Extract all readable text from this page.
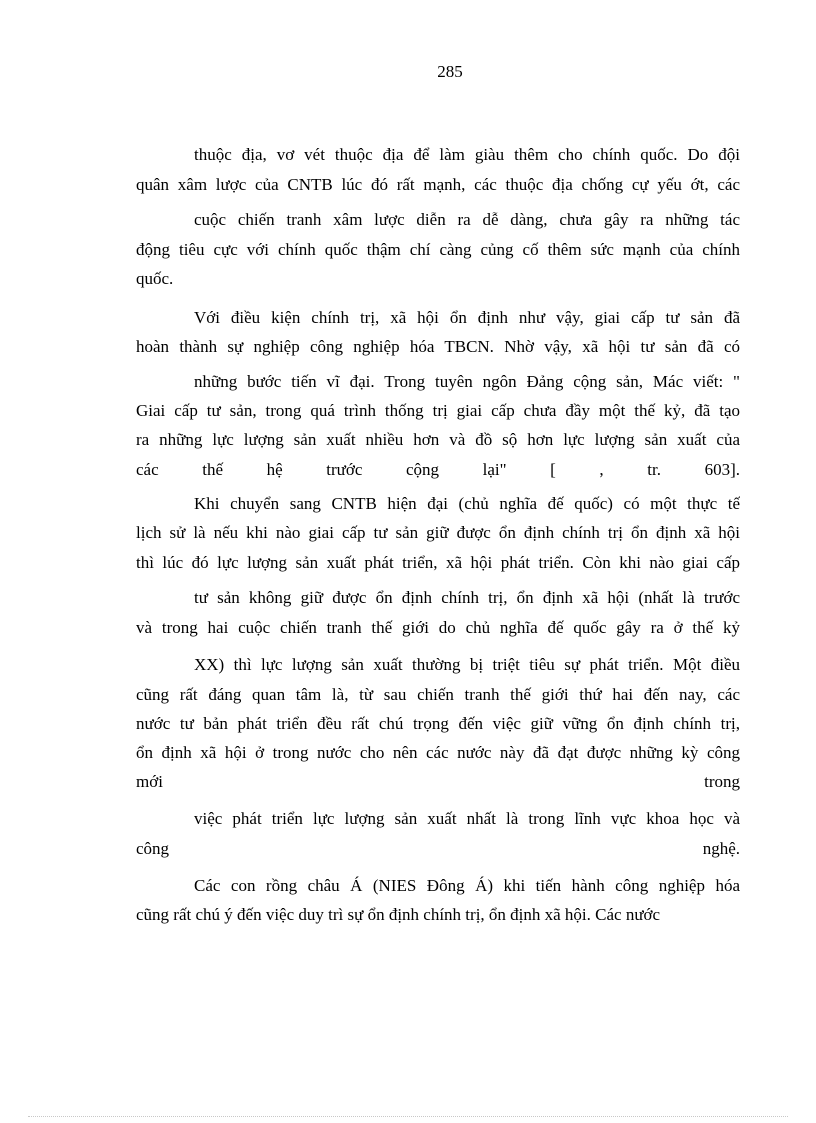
285
thuộc địa, vơ vét thuộc địa để làm giàu thêm cho chính quốc. Do đội
quân xâm lược của CNTB lúc đó rất mạnh, các thuộc địa chống cự yếu ớt, các
cuộc chiến tranh xâm lược diễn ra dễ dàng, chưa gây ra những tác
động tiêu cực với chính quốc thậm chí càng củng cố thêm sức mạnh của chính
quốc.
Với điều kiện chính trị, xã hội ổn định như vậy, giai cấp tư sản đã
hoàn thành sự nghiệp công nghiệp hóa TBCN. Nhờ vậy, xã hội tư sản đã có
những bước tiến vĩ đại. Trong tuyên ngôn Đảng cộng sản, Mác viết: "
Giai cấp tư sản, trong quá trình thống trị giai cấp chưa đầy một thế kỷ, đã tạo
ra những lực lượng sản xuất nhiều hơn và đồ sộ hơn lực lượng sản xuất của
các thế hệ trước cộng lại" [ , tr. 603].
Khi chuyển sang CNTB hiện đại (chủ nghĩa đế quốc) có một thực tế
lịch sử là nếu khi nào giai cấp tư sản giữ được ổn định chính trị ổn định xã hội
thì lúc đó lực lượng sản xuất phát triển, xã hội phát triển. Còn khi nào giai cấp
tư sản không giữ được ổn định chính trị, ổn định xã hội (nhất là trước
và trong hai cuộc chiến tranh thế giới do chủ nghĩa đế quốc gây ra ở thế kỷ
XX) thì lực lượng sản xuất thường bị triệt tiêu sự phát triển. Một điều
cũng rất đáng quan tâm là, từ sau chiến tranh thế giới thứ hai đến nay, các
nước tư bản phát triển đều rất chú trọng đến việc giữ vững ổn định chính trị,
ổn định xã hội ở trong nước cho nên các nước này đã đạt được những kỳ công
mới trong
việc phát triển lực lượng sản xuất nhất là trong lĩnh vực khoa học và
công nghệ.
Các con rồng châu Á (NIES Đông Á) khi tiến hành công nghiệp hóa
cũng rất chú ý đến việc duy trì sự ổn định chính trị, ổn định xã hội. Các nước
